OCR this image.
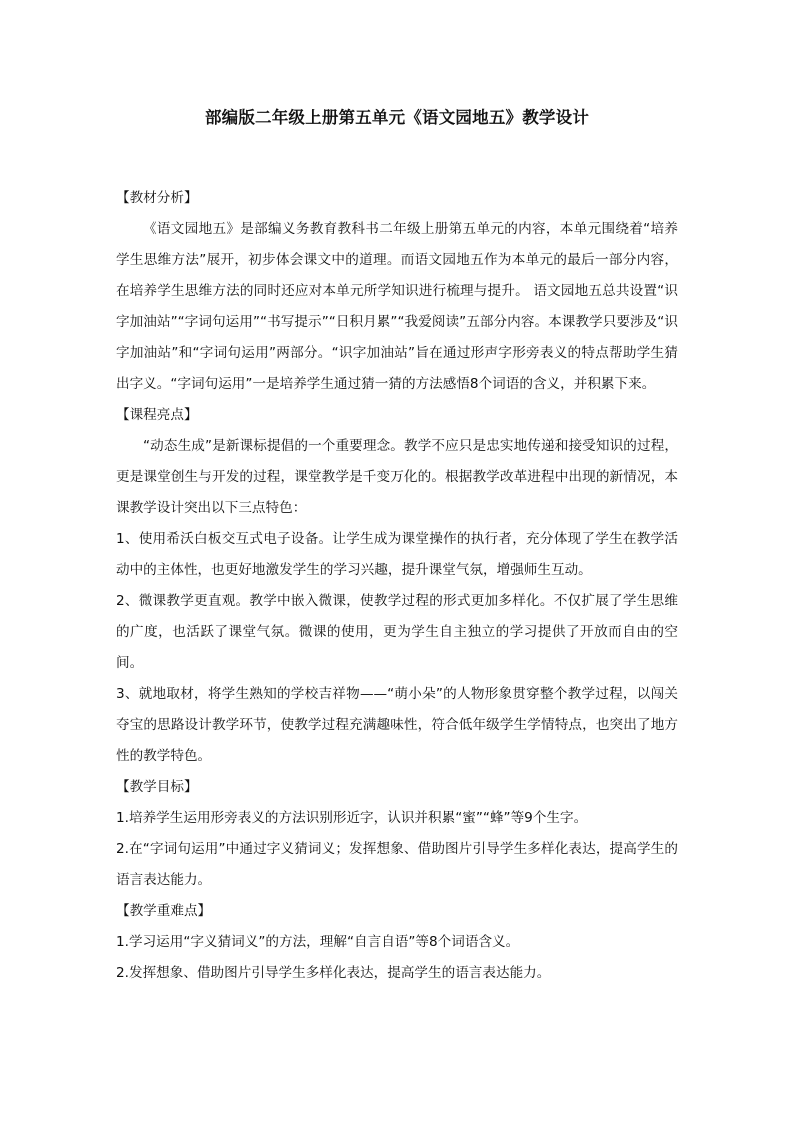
部编版二年级上册第五单元《语文园地五》教学设计
【教材分析】

《语文园地五》是部编义务教育教科书二年级上册第五单元的内容，本单元围绕着“培养学生思维方法”展开，初步体会课文中的道理。而语文园地五作为本单元的最后一部分内容，在培养学生思维方法的同时还应对本单元所学知识进行梳理与提升。 语文园地五总共设置“识字加油站”“字词句运用”“书写提示”“日积月累”“我爱阅读”五部分内容。本课教学只要涉及“识字加油站”和“字词句运用”两部分。“识字加油站”旨在通过形声字形旁表义的特点帮助学生猜出字义。“字词句运用”一是培养学生通过猜一猜的方法感悟8个词语的含义，并积累下来。

【课程亮点】

“动态生成”是新课标提倡的一个重要理念。教学不应只是忠实地传递和接受知识的过程，更是课堂创生与开发的过程，课堂教学是千变万化的。根据教学改革进程中出现的新情况，本课教学设计突出以下三点特色：

1、使用希沃白板交互式电子设备。让学生成为课堂操作的执行者，充分体现了学生在教学活动中的主体性，也更好地激发学生的学习兴趣，提升课堂气氛，增强师生互动。

2、微课教学更直观。教学中嵌入微课，使教学过程的形式更加多样化。不仅扩展了学生思维的广度，也活跃了课堂气氛。微课的使用，更为学生自主独立的学习提供了开放而自由的空间。

3、就地取材，将学生熟知的学校吉祥物——“萌小朵”的人物形象贯穿整个教学过程，以闯关夺宝的思路设计教学环节，使教学过程充满趣味性，符合低年级学生学情特点，也突出了地方性的教学特色。

【教学目标】

1.培养学生运用形旁表义的方法识别形近字，认识并积累“蜜”“蜂”等9个生字。

2.在“字词句运用”中通过字义猜词义；发挥想象、借助图片引导学生多样化表达，提高学生的语言表达能力。

【教学重难点】

1.学习运用“字义猜词义”的方法，理解“自言自语”等8个词语含义。

2.发挥想象、借助图片引导学生多样化表达，提高学生的语言表达能力。
